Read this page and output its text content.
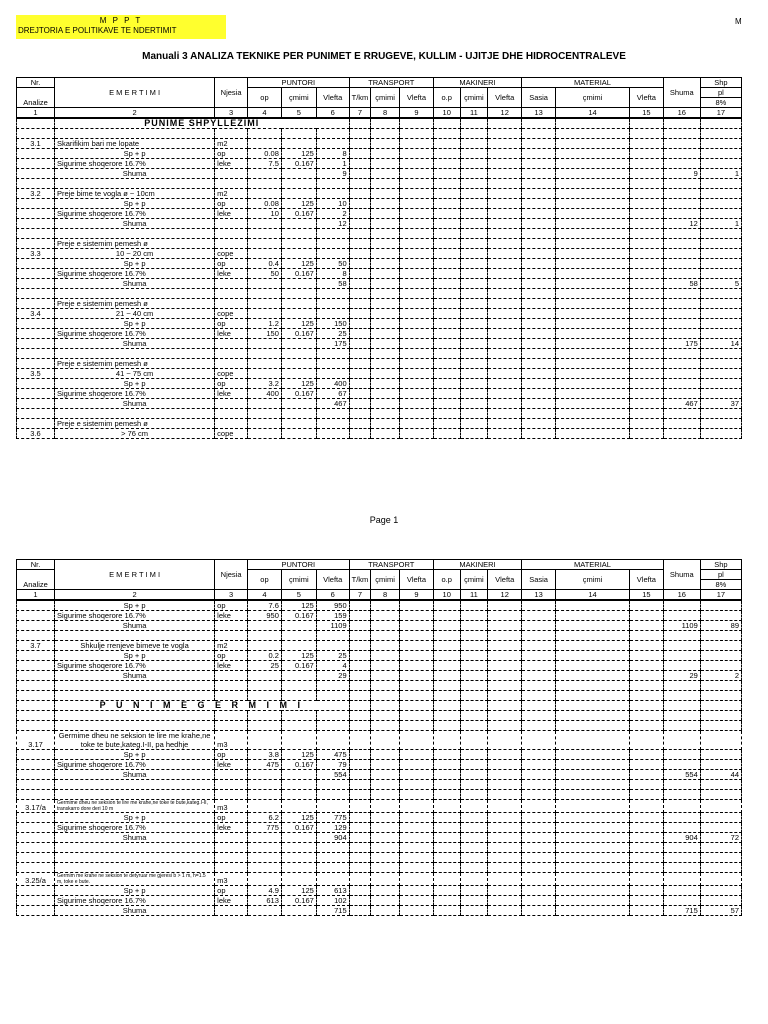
M P P T
DREJTORIA E POLITIKAVE TE NDERTIMIT
M
Manuali 3 ANALIZA TEKNIKE PER PUNIMET E RRUGEVE, KULLIM - UJITJE DHE HIDROCENTRALEVE
Nr.	E M E R T I M I	Njesia	PUNTORI			TRANSPORT			MAKINERI			MATERIAL			Shuma	Shp
Analize			op	çmimi	Vlefta	T/km	çmimi	Vlefta	o.p	çmimi	Vlefta	Sasia	çmimi	Vlefta		pl
																8%
1	2	3	4	5	6	7	8	9	10	11	12	13	14	15	16	17
	PUNIME SHPYLLEZIMI															

3.1	Skarifikim bari me lopate	m2														
	Sp + p	op	0.08	125	8											
	Sigurime shoqerore 16.7%	leke	7.5	0.167	1											
	Shuma				9										9	1

3.2	Preje bime te vogla ø ~ 10cm	m2														
	Sp + p	op	0.08	125	10											
	Sigurime shoqerore 16.7%	leke	10	0.167	2											
	Shuma				12										12	1

	Preje e sistemim pemesh ø															
3.3	10 ~ 20 cm	cope														
	Sp + p	op	0.4	125	50											
	Sigurime shoqerore 16.7%	leke	50	0.167	8											
	Shuma				58										58	5

	Preje e sistemim pemesh ø															
3.4	21 ~ 40 cm	cope														
	Sp + p	op	1.2	125	150											
	Sigurime shoqerore 16.7%	leke	150	0.167	25											
	Shuma				175										175	14

	Preje e sistemim pemesh ø															
3.5	41 ~ 75 cm	cope														
	Sp + p	op	3.2	125	400											
	Sigurime shoqerore 16.7%	leke	400	0.167	67											
	Shuma				467										467	37

	Preje e sistemim pemesh ø															
3.6	> 76 cm	cope														
Page 1
Nr.	E M E R T I M I	Njesia	PUNTORI			TRANSPORT			MAKINERI			MATERIAL			Shuma	Shp
Analize			op	çmimi	Vlefta	T/km	çmimi	Vlefta	o.p	çmimi	Vlefta	Sasia	çmimi	Vlefta		pl
																8%
1	2	3	4	5	6	7	8	9	10	11	12	13	14	15	16	17
	Sp + p	op	7.6	125	950											
	Sigurime shoqerore 16.7%	leke	950	0.167	159											
	Shuma				1109										1109	89

3.7	Shkulje rrenjeve bimeve te vogla	m2														
	Sp + p	op	0.2	125	25											
	Sigurime shoqerore 16.7%	leke	25	0.167	4											
	Shuma				29										29	2

	P U N I M E G E R M I M I															

3.17	Germime dheu ne seksion te lire me krahe,ne toke te bute,kateg.I-II, pa hedhje	m3														
	Sp + p	op	3.8	125	475											
	Sigurime shoqerore 16.7%	leke	475	0.167	79											
	Shuma				554										554	44

3.17/a	Germime dheu ne seksion te lire me krahe,ne toke te bute,kateg.I-II, transkarro dore deri 10 m	m3														
	Sp + p	op	6.2	125	775											
	Sigurime shoqerore 16.7%	leke	775	0.167	129											
	Shuma				904										904	72

3.25/a	Germim me krahe ne seksion te detyruar me gjeresi b > 1 m, h=1.5 m, toke e bute.	m3														
	Sp + p	op	4.9	125	613											
	Sigurime shoqerore 16.7%	leke	613	0.167	102											
	Shuma				715										715	57
